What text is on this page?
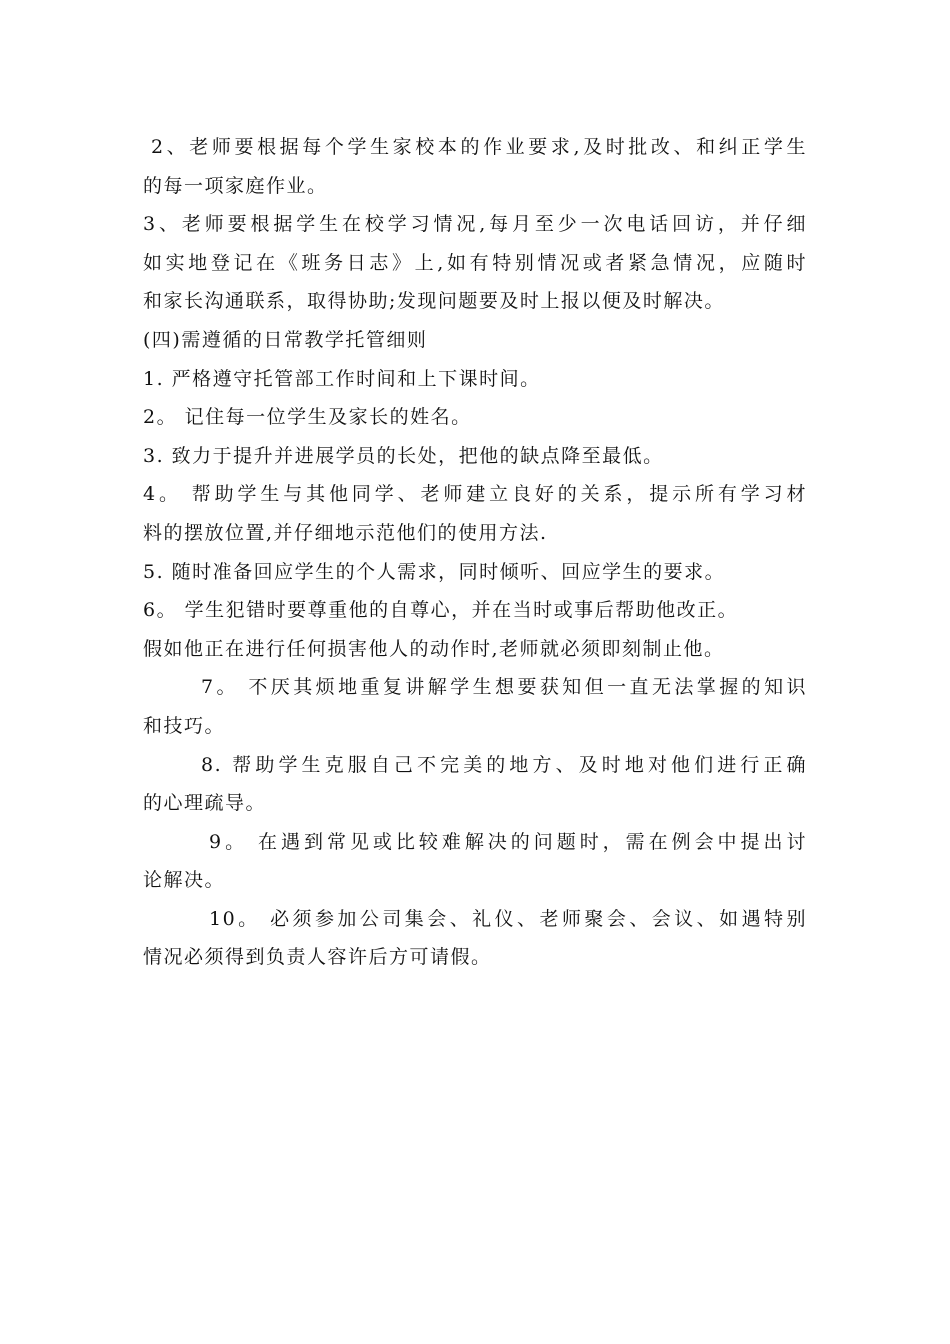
2、老师要根据每个学生家校本的作业要求,及时批改、和纠正学生
的每一项家庭作业。
3、老师要根据学生在校学习情况,每月至少一次电话回访，并仔细
如实地登记在《班务日志》上,如有特别情况或者紧急情况，应随时
和家长沟通联系，取得协助;发现问题要及时上报以便及时解决。
(四)需遵循的日常教学托管细则
1. 严格遵守托管部工作时间和上下课时间。
2。 记住每一位学生及家长的姓名。
3. 致力于提升并进展学员的长处，把他的缺点降至最低。
4。 帮助学生与其他同学、老师建立良好的关系，提示所有学习材
料的摆放位置,并仔细地示范他们的使用方法.
5. 随时准备回应学生的个人需求，同时倾听、回应学生的要求。
6。 学生犯错时要尊重他的自尊心，并在当时或事后帮助他改正。
假如他正在进行任何损害他人的动作时,老师就必须即刻制止他。
7。 不厌其烦地重复讲解学生想要获知但一直无法掌握的知识
和技巧。
8. 帮助学生克服自己不完美的地方、及时地对他们进行正确
的心理疏导。
9。 在遇到常见或比较难解决的问题时，需在例会中提出讨
论解决。
10。 必须参加公司集会、礼仪、老师聚会、会议、如遇特别
情况必须得到负责人容许后方可请假。
